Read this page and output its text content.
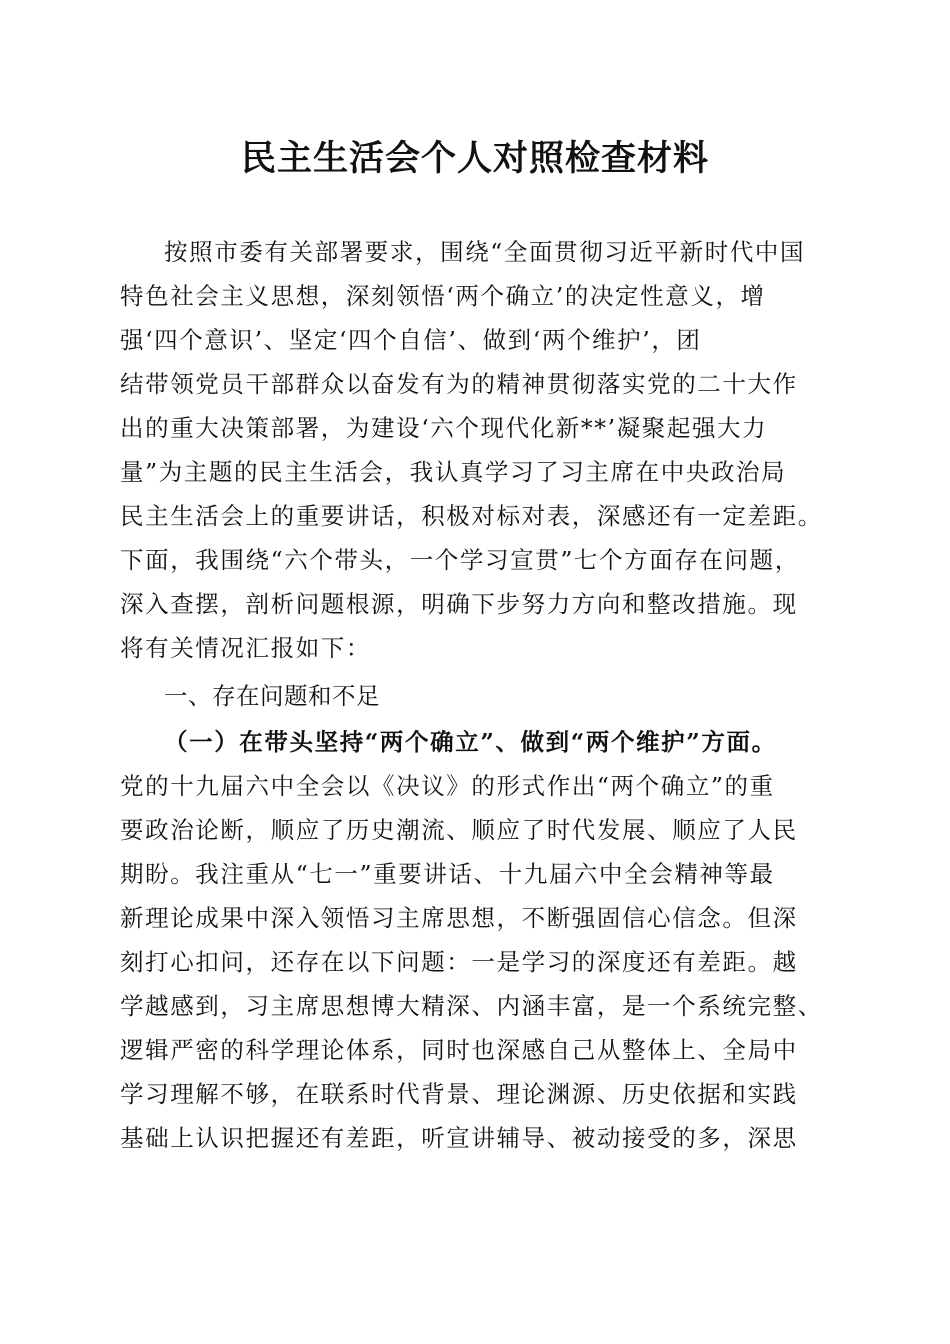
民主生活会个人对照检查材料
按照市委有关部署要求，围绕“全面贯彻习近平新时代中国
特色社会主义思想，深刻领悟‘两个确立’的决定性意义，增
强‘四个意识’、坚定‘四个自信’、做到‘两个维护’，团
结带领党员干部群众以奋发有为的精神贯彻落实党的二十大作
出的重大决策部署，为建设‘六个现代化新**’凝聚起强大力
量”为主题的民主生活会，我认真学习了习主席在中央政治局
民主生活会上的重要讲话，积极对标对表，深感还有一定差距。
下面，我围绕“六个带头，一个学习宣贯”七个方面存在问题，
深入查摆，剖析问题根源，明确下步努力方向和整改措施。现
将有关情况汇报如下：
一、存在问题和不足
（一）在带头坚持“两个确立”、做到“两个维护”方面。
党的十九届六中全会以《决议》的形式作出“两个确立”的重
要政治论断，顺应了历史潮流、顺应了时代发展、顺应了人民
期盼。我注重从“七一”重要讲话、十九届六中全会精神等最
新理论成果中深入领悟习主席思想，不断强固信心信念。但深
刻打心扣问，还存在以下问题：一是学习的深度还有差距。越
学越感到，习主席思想博大精深、内涵丰富，是一个系统完整、
逻辑严密的科学理论体系，同时也深感自己从整体上、全局中
学习理解不够，在联系时代背景、理论渊源、历史依据和实践
基础上认识把握还有差距，听宣讲辅导、被动接受的多，深思
